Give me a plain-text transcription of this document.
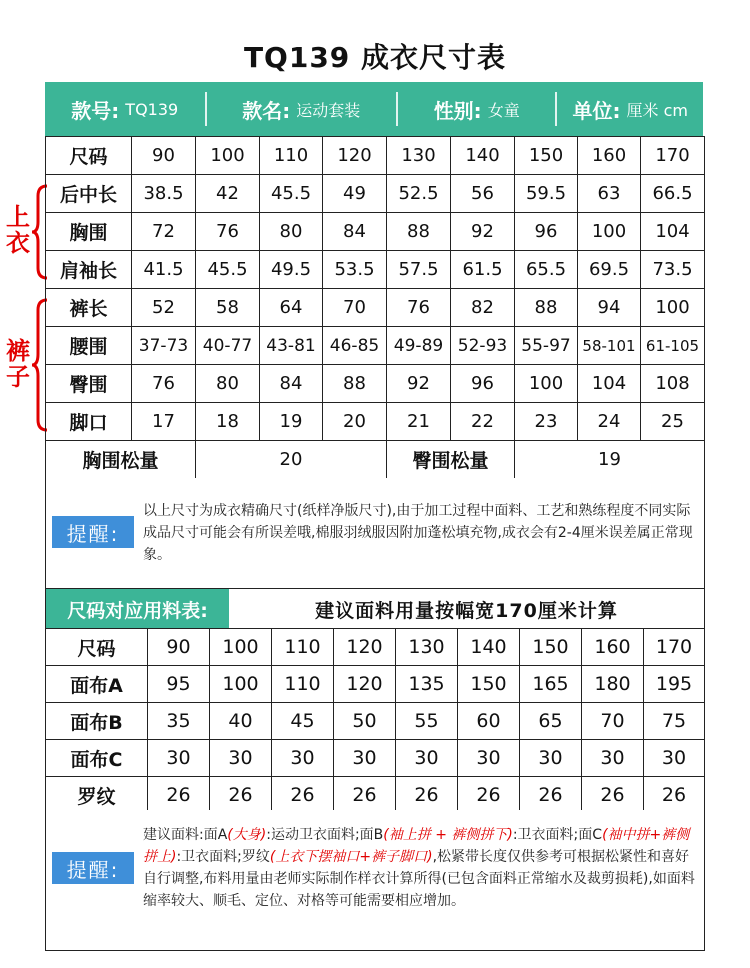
TQ139 成衣尺寸表
款号: TQ139	款名: 运动套装	性别: 女童	单位: 厘米 cm
上衣
裤子
尺码	90	100	110	120	130	140	150	160	170
后中长	38.5	42	45.5	49	52.5	56	59.5	63	66.5
胸围	72	76	80	84	88	92	96	100	104
肩袖长	41.5	45.5	49.5	53.5	57.5	61.5	65.5	69.5	73.5
裤长	52	58	64	70	76	82	88	94	100
腰围	37-73	40-77	43-81	46-85	49-89	52-93	55-97	58-101	61-105
臀围	76	80	84	88	92	96	100	104	108
脚口	17	18	19	20	21	22	23	24	25
胸围松量		20			臀围松量		19		
提醒:
以上尺寸为成衣精确尺寸(纸样净版尺寸),由于加工过程中面料、工艺和熟练程度不同实际成品尺寸可能会有所误差哦,棉服羽绒服因附加蓬松填充物,成衣会有2-4厘米误差属正常现象。
尺码对应用料表:	建议面料用量按幅宽170厘米计算
尺码	90	100	110	120	130	140	150	160	170
面布A	95	100	110	120	135	150	165	180	195
面布B	35	40	45	50	55	60	65	70	75
面布C	30	30	30	30	30	30	30	30	30
罗纹	26	26	26	26	26	26	26	26	26
提醒:
建议面料:面A(大身):运动卫衣面料;面B(袖上拼 + 裤侧拼下):卫衣面料;面C(袖中拼+裤侧拼上):卫衣面料;罗纹(上衣下摆袖口+裤子脚口),松紧带长度仅供参考可根据松紧性和喜好自行调整,布料用量由老师实际制作样衣计算所得(已包含面料正常缩水及裁剪损耗),如面料缩率较大、顺毛、定位、对格等可能需要相应增加。
